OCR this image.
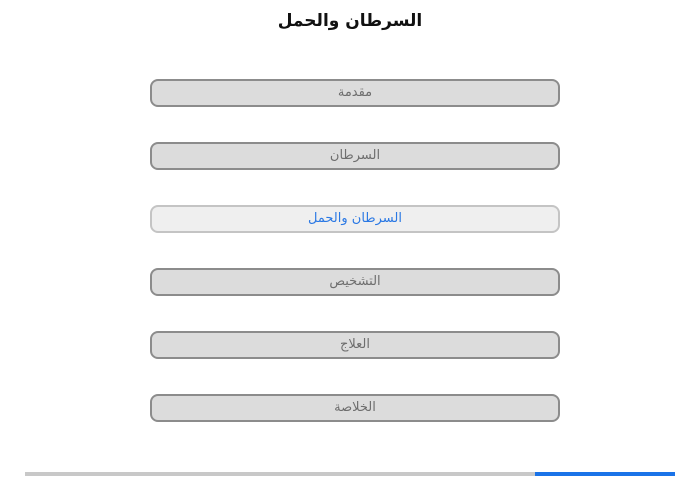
السرطان والحمل
مقدمة
السرطان
السرطان والحمل
التشخيص
العلاج
الخلاصة
